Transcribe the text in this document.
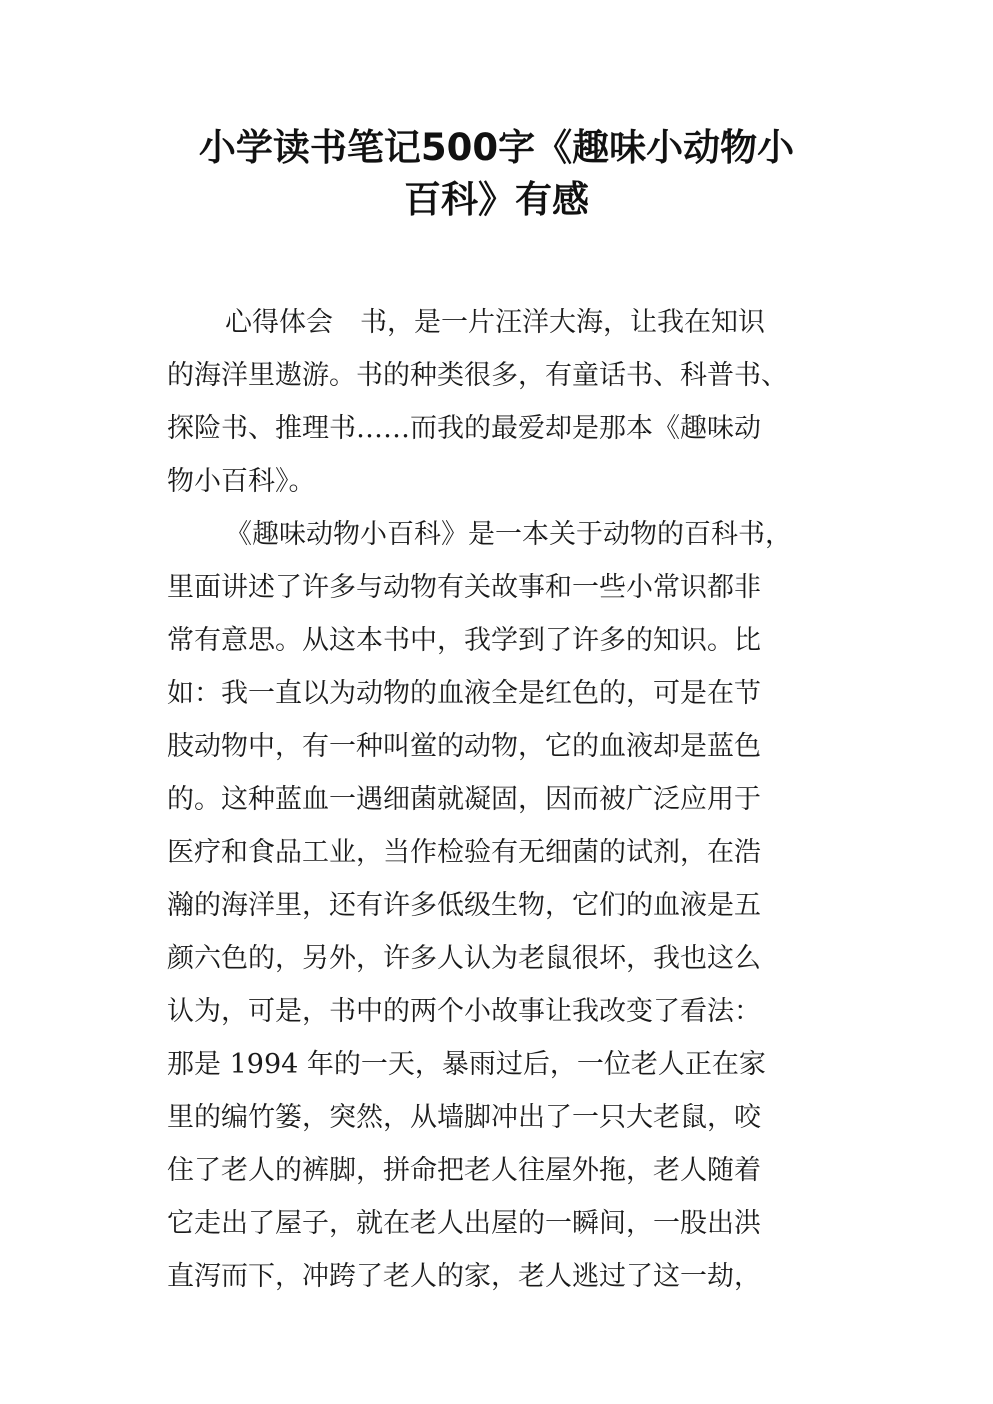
小学读书笔记500字《趣味小动物小
百科》有感
心得体会　书，是一片汪洋大海，让我在知识
的海洋里遨游。书的种类很多，有童话书、科普书、
探险书、推理书……而我的最爱却是那本《趣味动
物小百科》。
《趣味动物小百科》是一本关于动物的百科书，
里面讲述了许多与动物有关故事和一些小常识都非
常有意思。从这本书中，我学到了许多的知识。比
如：我一直以为动物的血液全是红色的，可是在节
肢动物中，有一种叫鲎的动物，它的血液却是蓝色
的。这种蓝血一遇细菌就凝固，因而被广泛应用于
医疗和食品工业，当作检验有无细菌的试剂，在浩
瀚的海洋里，还有许多低级生物，它们的血液是五
颜六色的，另外，许多人认为老鼠很坏，我也这么
认为，可是，书中的两个小故事让我改变了看法：
那是 1994 年的一天，暴雨过后，一位老人正在家
里的编竹篓，突然，从墙脚冲出了一只大老鼠，咬
住了老人的裤脚，拼命把老人往屋外拖，老人随着
它走出了屋子，就在老人出屋的一瞬间，一股出洪
直泻而下，冲跨了老人的家，老人逃过了这一劫，
